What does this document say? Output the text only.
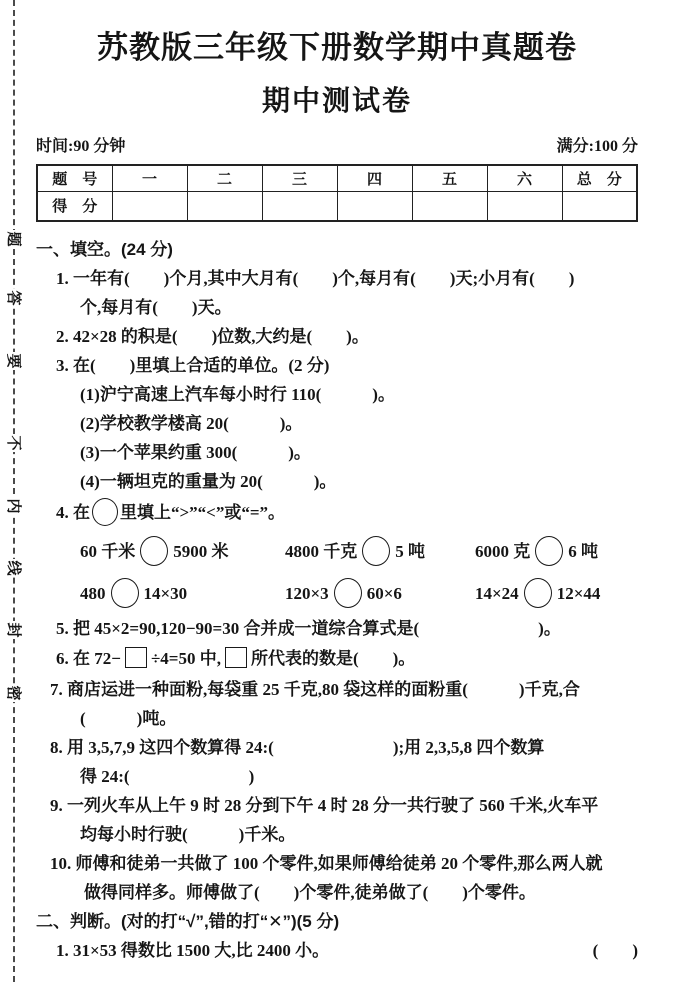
题
答
要
不
内
线
封
密
苏教版三年级下册数学期中真题卷
期中测试卷
时间:90 分钟	满分:100 分
题　号	一	二	三	四	五	六	总　分
得　分							
一、填空。(24 分)
1. 一年有(　　)个月,其中大月有(　　)个,每月有(　　)天;小月有(　　)
个,每月有(　　)天。
2. 42×28 的积是(　　)位数,大约是(　　)。
3. 在(　　)里填上合适的单位。(2 分)
(1)沪宁高速上汽车每小时行 110(　　　)。
(2)学校教学楼高 20(　　　)。
(3)一个苹果约重 300(　　　)。
(4)一辆坦克的重量为 20(　　　)。
4. 在 里填上“>”“<”或“=”。
60 千米 5900 米	4800 千克 5 吨	6000 克 6 吨
480 14×30	120×3 60×6	14×24 12×44
5. 把 45×2=90,120−90=30 合并成一道综合算式是(　　　　　　　)。
6. 在 72− ÷4=50 中, 所代表的数是(　　)。
7. 商店运进一种面粉,每袋重 25 千克,80 袋这样的面粉重(　　　)千克,合
(　　　)吨。
8. 用 3,5,7,9 这四个数算得 24:(　　　　　　　);用 2,3,5,8 四个数算
得 24:(　　　　　　　)
9. 一列火车从上午 9 时 28 分到下午 4 时 28 分一共行驶了 560 千米,火车平
均每小时行驶(　　　)千米。
10. 师傅和徒弟一共做了 100 个零件,如果师傅给徒弟 20 个零件,那么两人就
做得同样多。师傅做了(　　)个零件,徒弟做了(　　)个零件。
二、判断。(对的打“√”,错的打“✕”)(5 分)
1. 31×53 得数比 1500 大,比 2400 小。	(　　)
